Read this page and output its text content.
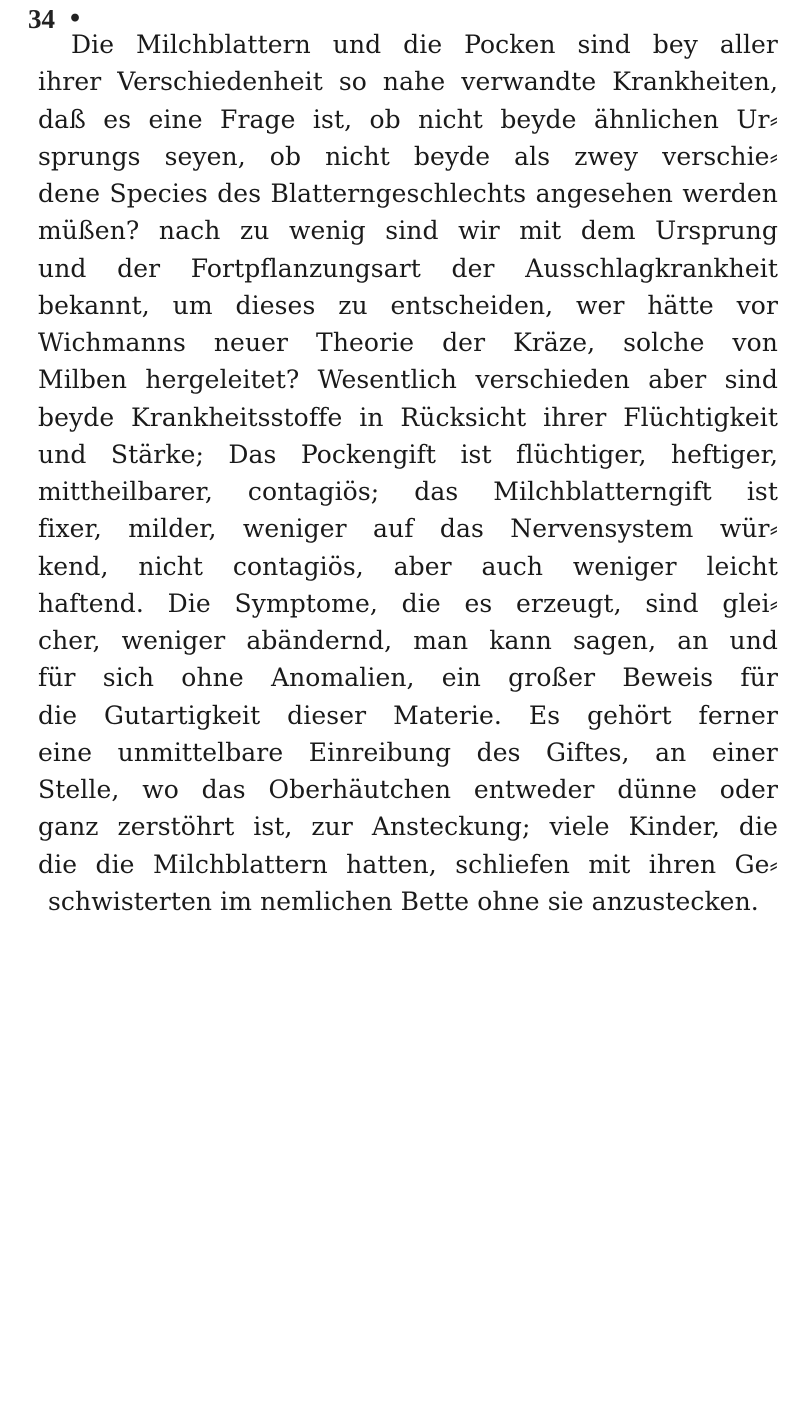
34 •
Die Milchblattern und die Pocken sind bey aller
ihrer Verschiedenheit so nahe verwandte Krankheiten,
daß es eine Frage ist, ob nicht beyde ähnlichen Ur⸗
sprungs seyen, ob nicht beyde als zwey verschie⸗
dene Species des Blatterngeschlechts angesehen werden
müßen? nach zu wenig sind wir mit dem Ursprung
und der Fortpflanzungsart der Ausschlagkrankheit
bekannt, um dieses zu entscheiden, wer hätte vor
Wichmanns neuer Theorie der Kräze, solche von
Milben hergeleitet? Wesentlich verschieden aber sind
beyde Krankheitsstoffe in Rücksicht ihrer Flüchtigkeit
und Stärke; Das Pockengift ist flüchtiger, heftiger,
mittheilbarer, contagiös; das Milchblatterngift ist
fixer, milder, weniger auf das Nervensystem wür⸗
kend, nicht contagiös, aber auch weniger leicht
haftend. Die Symptome, die es erzeugt, sind glei⸗
cher, weniger abändernd, man kann sagen, an und
für sich ohne Anomalien, ein großer Beweis für
die Gutartigkeit dieser Materie. Es gehört ferner
eine unmittelbare Einreibung des Giftes, an einer
Stelle, wo das Oberhäutchen entweder dünne oder
ganz zerstöhrt ist, zur Ansteckung; viele Kinder, die
die die Milchblattern hatten, schliefen mit ihren Ge⸗
schwisterten im nemlichen Bette ohne sie anzustecken.
